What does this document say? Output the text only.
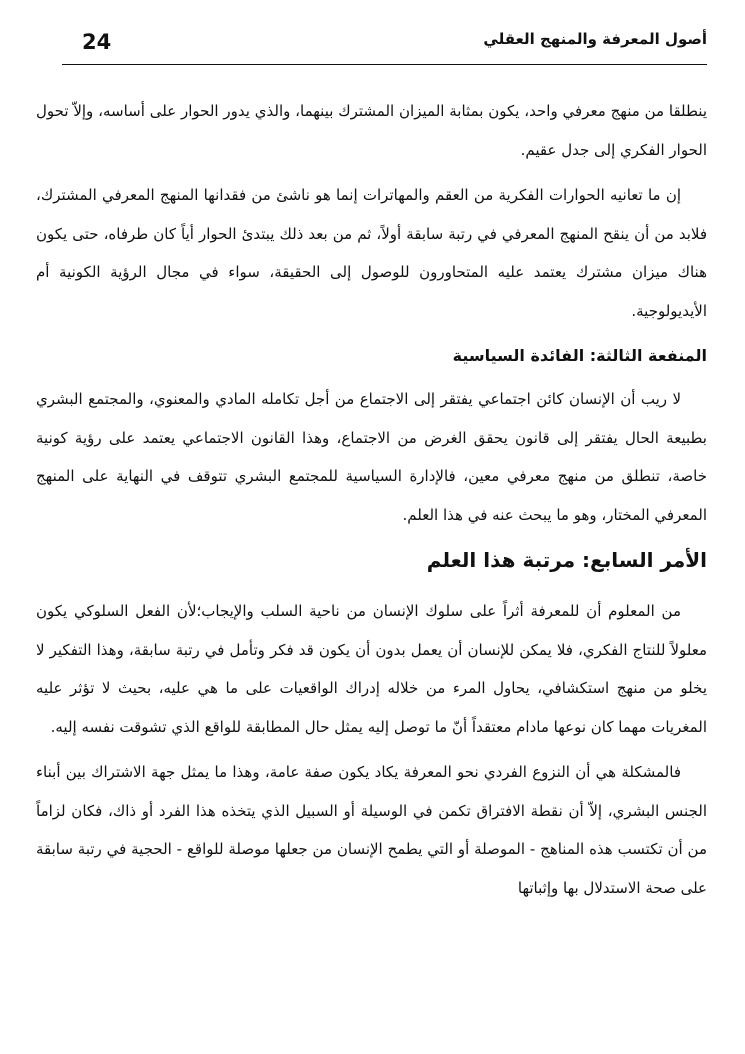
24	أصول المعرفة والمنهج العقلي

ينطلقا من منهج معرفي واحد، يكون بمثابة الميزان المشترك بينهما، والذي يدور الحوار على أساسه، وإلاّ تحول الحوار الفكري إلى جدل عقيم.

إن ما تعانيه الحوارات الفكرية من العقم والمهاترات إنما هو ناشئ من فقدانها المنهج المعرفي المشترك، فلابد من أن ينقح المنهج المعرفي في رتبة سابقة أولاً، ثم من بعد ذلك يبتدئ الحوار أياً كان طرفاه، حتى يكون هناك ميزان مشترك يعتمد عليه المتحاورون للوصول إلى الحقيقة، سواء في مجال الرؤية الكونية أم الأيديولوجية.

المنفعة الثالثة: الفائدة السياسية

لا ريب أن الإنسان كائن اجتماعي يفتقر إلى الاجتماع من أجل تكامله المادي والمعنوي، والمجتمع البشري بطبيعة الحال يفتقر إلى قانون يحقق الغرض من الاجتماع، وهذا القانون الاجتماعي يعتمد على رؤية كونية خاصة، تنطلق من منهج معرفي معين، فالإدارة السياسية للمجتمع البشري تتوقف في النهاية على المنهج المعرفي المختار، وهو ما يبحث عنه في هذا العلم.

الأمر السابع: مرتبة هذا العلم

من المعلوم أن للمعرفة أثراً على سلوك الإنسان من ناحية السلب والإيجاب؛لأن الفعل السلوكي يكون معلولاً للنتاج الفكري، فلا يمكن للإنسان أن يعمل بدون أن يكون قد فكر وتأمل في رتبة سابقة، وهذا التفكير لا يخلو من منهج استكشافي، يحاول المرء من خلاله إدراك الواقعيات على ما هي عليه، بحيث لا تؤثر عليه المغريات مهما كان نوعها مادام معتقداً أنّ ما توصل إليه يمثل حال المطابقة للواقع الذي تشوقت نفسه إليه.

فالمشكلة هي أن النزوع الفردي نحو المعرفة يكاد يكون صفة عامة، وهذا ما يمثل جهة الاشتراك بين أبناء الجنس البشري، إلاّ أن نقطة الافتراق تكمن في الوسيلة أو السبيل الذي يتخذه هذا الفرد أو ذاك، فكان لزاماً من أن تكتسب هذه المناهج - الموصلة أو التي يطمح الإنسان من جعلها موصلة للواقع - الحجية في رتبة سابقة على صحة الاستدلال بها وإثباتها
